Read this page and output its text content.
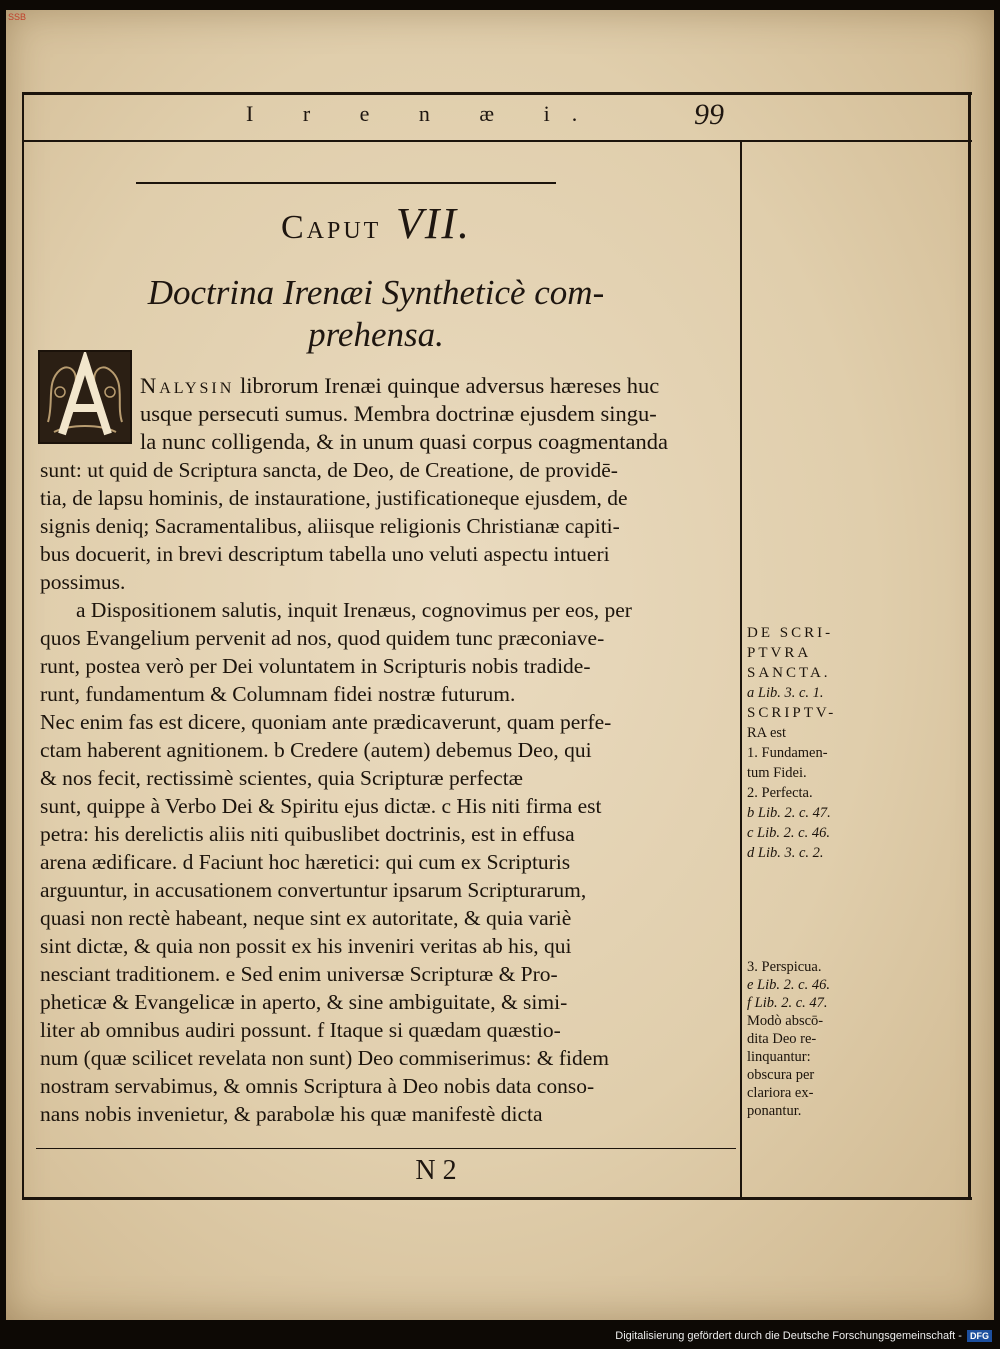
SSB
I r e n æ i.	99
Caput VII.
Doctrina Irenæi Syntheticè com-
prehensa.
Nalysin librorum Irenæi quinque adversus hæreses huc
usque persecuti sumus. Membra doctrinæ ejusdem singu-
la nunc colligenda, & in unum quasi corpus coagmentanda
sunt: ut quid de Scriptura sancta, de Deo, de Creatione, de providē-
tia, de lapsu hominis, de instauratione, justificationeque ejusdem, de
signis deniq; Sacramentalibus, aliisque religionis Christianæ capiti-
bus docuerit, in brevi descriptum tabella uno veluti aspectu intueri
possimus.
a Dispositionem salutis, inquit Irenæus, cognovimus per eos, per
quos Evangelium pervenit ad nos, quod quidem tunc præconiave-
runt, postea verò per Dei voluntatem in Scripturis nobis tradide-
runt, fundamentum & Columnam fidei nostræ futurum.
Nec enim fas est dicere, quoniam ante prædicaverunt, quam perfe-
ctam haberent agnitionem. b Credere (autem) debemus Deo, qui
& nos fecit, rectissimè scientes, quia Scripturæ perfectæ
sunt, quippe à Verbo Dei & Spiritu ejus dictæ. c His niti firma est
petra: his derelictis aliis niti quibuslibet doctrinis, est in effusa
arena ædificare. d Faciunt hoc hæretici: qui cum ex Scripturis
arguuntur, in accusationem convertuntur ipsarum Scripturarum,
quasi non rectè habeant, neque sint ex autoritate, & quia variè
sint dictæ, & quia non possit ex his inveniri veritas ab his, qui
nesciant traditionem. e Sed enim universæ Scripturæ & Pro-
pheticæ & Evangelicæ in aperto, & sine ambiguitate, & simi-
liter ab omnibus audiri possunt. f Itaque si quædam quæstio-
num (quæ scilicet revelata non sunt) Deo commiserimus: & fidem
nostram servabimus, & omnis Scriptura à Deo nobis data conso-
nans nobis invenietur, & parabolæ his quæ manifestè dicta
DE SCRI-
PTVRA
SANCTA.
a Lib. 3. c. 1.
SCRIPTV-
RA est
1. Fundamen-
tum Fidei.
2. Perfecta.
b Lib. 2. c. 47.
c Lib. 2. c. 46.
d Lib. 3. c. 2.
3. Perspicua.
e Lib. 2. c. 46.
f Lib. 2. c. 47.
Modò abscō-
dita Deo re-
linquantur:
obscura per
clariora ex-
ponantur.
N 2
Digitalisierung gefördert durch die Deutsche Forschungsgemeinschaft - DFG
